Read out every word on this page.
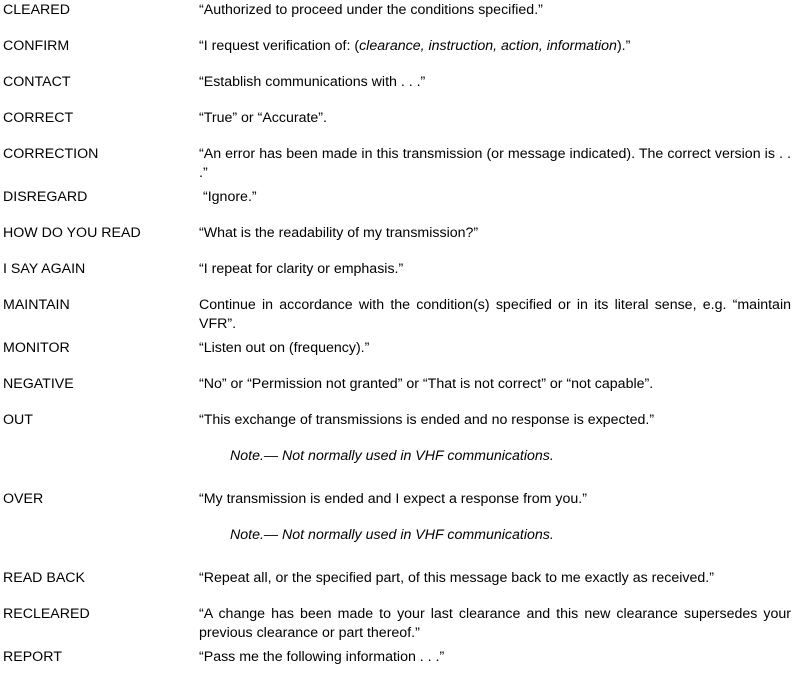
CLEARED	“Authorized to proceed under the conditions specified.”
CONFIRM	“I request verification of: (clearance, instruction, action, information).”
CONTACT	“Establish communications with . . .”
CORRECT	“True” or “Accurate”.
CORRECTION	“An error has been made in this transmission (or message indicated). The correct version is . . .”
DISREGARD	“Ignore.”
HOW DO YOU READ	“What is the readability of my transmission?”
I SAY AGAIN	“I repeat for clarity or emphasis.”
MAINTAIN	Continue in accordance with the condition(s) specified or in its literal sense, e.g. “maintain VFR”.
MONITOR	“Listen out on (frequency).”
NEGATIVE	“No” or “Permission not granted” or “That is not correct” or “not capable”.
OUT	“This exchange of transmissions is ended and no response is expected.”
Note.— Not normally used in VHF communications.
OVER	“My transmission is ended and I expect a response from you.”
Note.— Not normally used in VHF communications.
READ BACK	“Repeat all, or the specified part, of this message back to me exactly as received.”
RECLEARED	“A change has been made to your last clearance and this new clearance supersedes your previous clearance or part thereof.”
REPORT	“Pass me the following information . . .”
